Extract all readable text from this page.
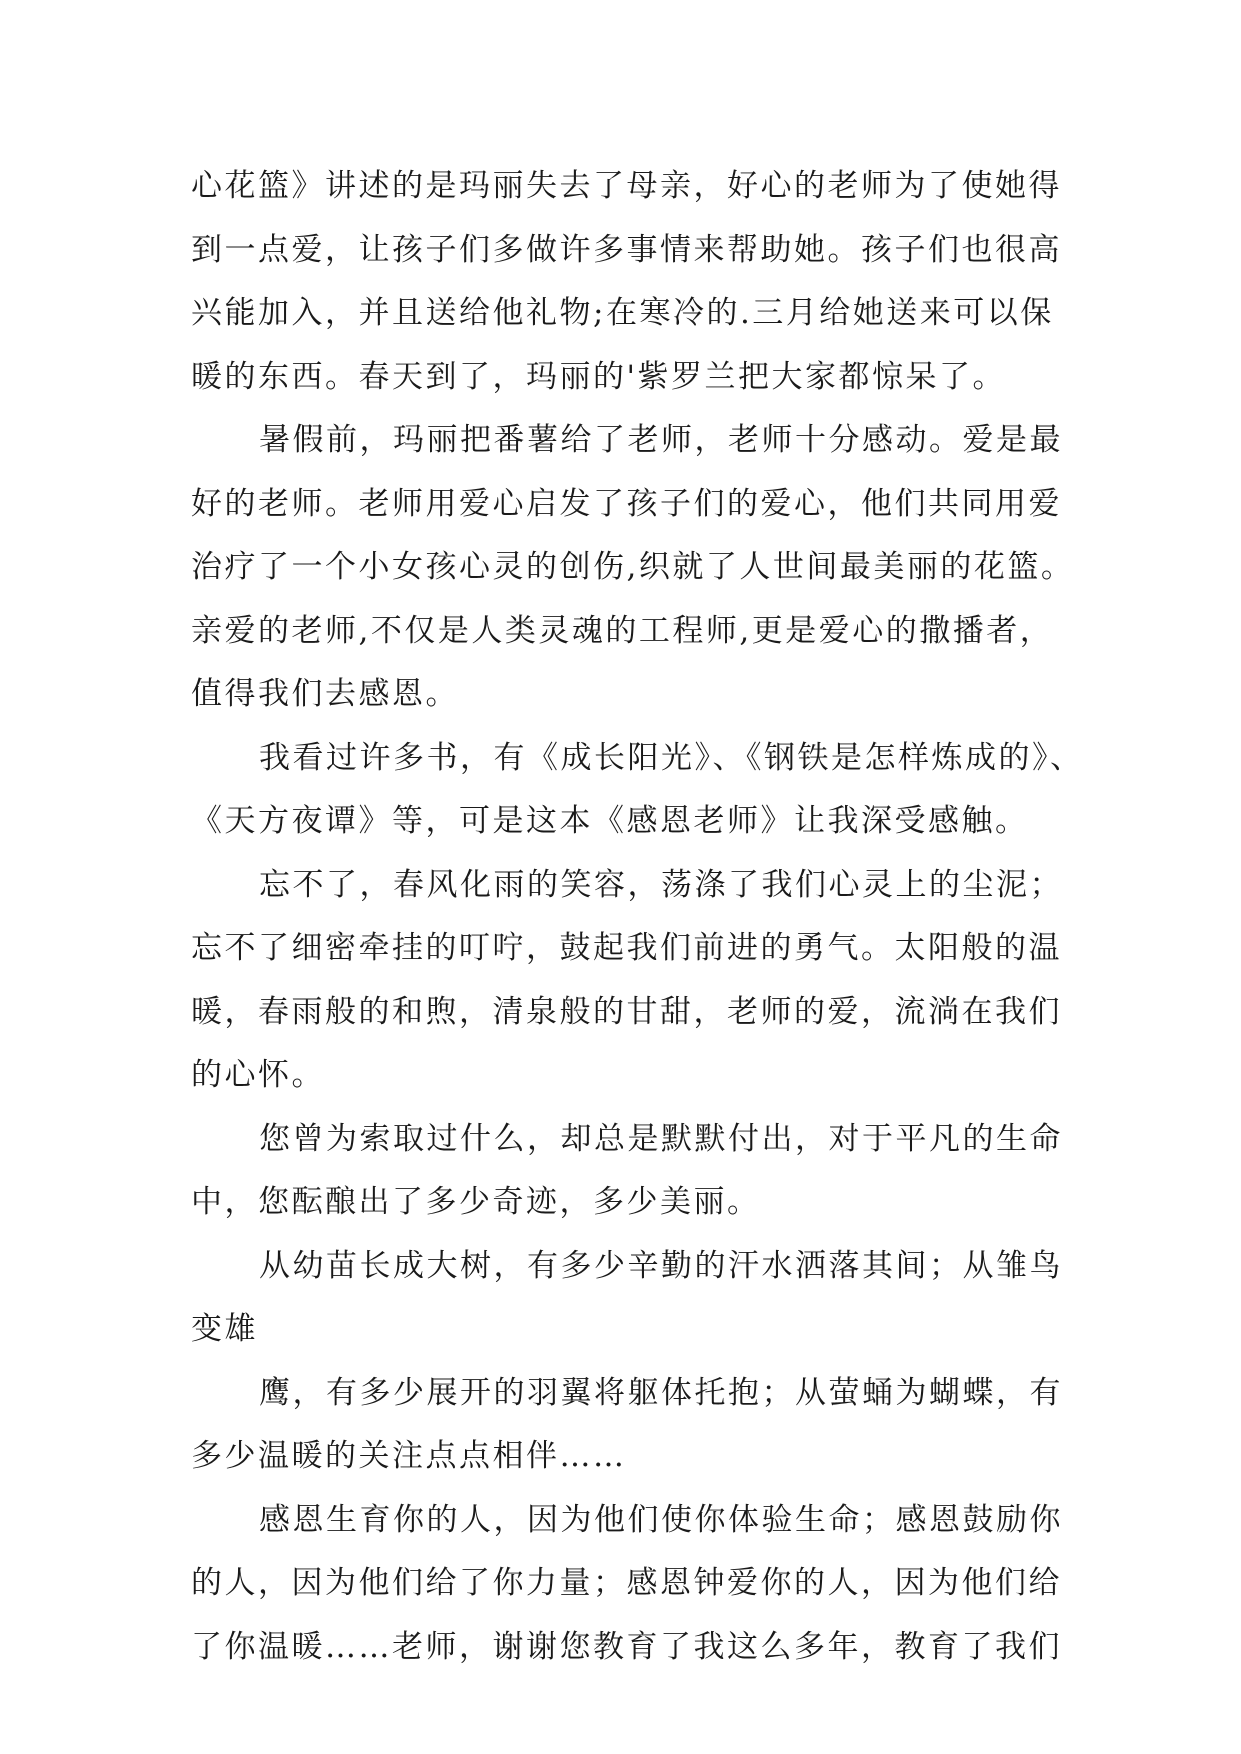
心花篮》讲述的是玛丽失去了母亲，好心的老师为了使她得
到一点爱，让孩子们多做许多事情来帮助她。孩子们也很高
兴能加入，并且送给他礼物;在寒冷的.三月给她送来可以保
暖的东西。春天到了，玛丽的'紫罗兰把大家都惊呆了。
暑假前，玛丽把番薯给了老师，老师十分感动。爱是最
好的老师。老师用爱心启发了孩子们的爱心，他们共同用爱
治疗了一个小女孩心灵的创伤,织就了人世间最美丽的花篮。
亲爱的老师,不仅是人类灵魂的工程师,更是爱心的撒播者，
值得我们去感恩。
我看过许多书，有《成长阳光》、《钢铁是怎样炼成的》、
《天方夜谭》等，可是这本《感恩老师》让我深受感触。
忘不了，春风化雨的笑容，荡涤了我们心灵上的尘泥；
忘不了细密牵挂的叮咛，鼓起我们前进的勇气。太阳般的温
暖，春雨般的和煦，清泉般的甘甜，老师的爱，流淌在我们
的心怀。
您曾为索取过什么，却总是默默付出，对于平凡的生命
中，您酝酿出了多少奇迹，多少美丽。
从幼苗长成大树，有多少辛勤的汗水洒落其间；从雏鸟
变雄
鹰，有多少展开的羽翼将躯体托抱；从萤蛹为蝴蝶，有
多少温暖的关注点点相伴……
感恩生育你的人，因为他们使你体验生命；感恩鼓励你
的人，因为他们给了你力量；感恩钟爱你的人，因为他们给
了你温暖……老师，谢谢您教育了我这么多年，教育了我们
